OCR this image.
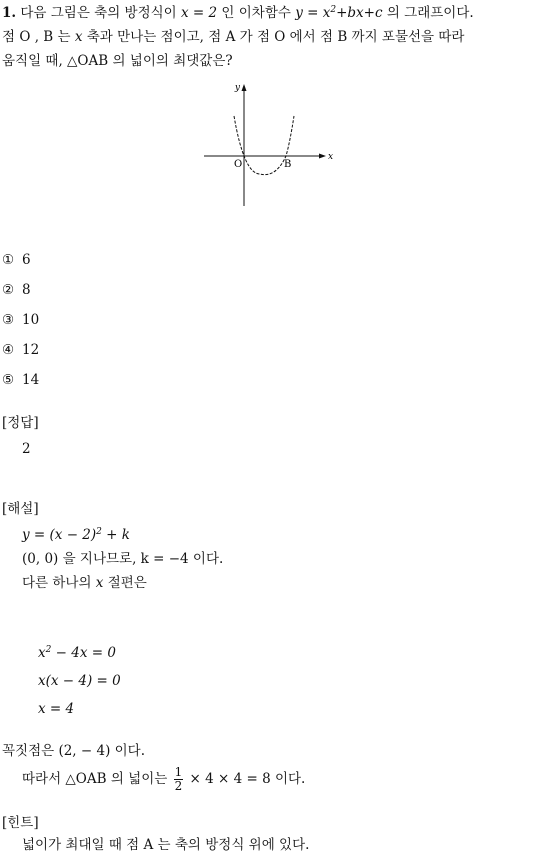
1. 다음 그림은 축의 방정식이 x = 2 인 이차함수 $y = x^2+bx+c$ 의 그래프이다.
점 O , B 는 x 축과 만나는 점이고, 점 A 가 점 O 에서 점 B 까지 포물선을 따라
움직일 때, △OAB 의 넓이의 최댓값은?
y
x
O	B
① 6
② 8
③ 10
④ 12
⑤ 14
[정답]
2
[해설]
$y = (x - 2)^2 + k$
(0, 0) 을 지나므로, k = −4 이다.
다른 하나의 x 절편은
$x^2 - 4x = 0$
x(x − 4) = 0
x = 4
꼭짓점은 (2, − 4) 이다.
따라서 △OAB 의 넓이는 $\frac{1}{2} \times 4 \times 4 = 8$ 이다.
[힌트]
넓이가 최대일 때 점 A 는 축의 방정식 위에 있다.
